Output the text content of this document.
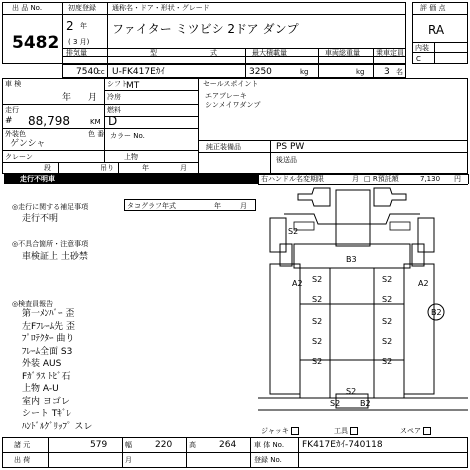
出 品 No.
5482
初度登録
2 年
( 3 月)
通称名・ドア・形状・グレード
ファイター ミツビシ 2ドア ダンプ
排気量	型	式	最大積載量	車両総重量 乗車定員
評 価 点
RA
内装
C
7540
cc U-FK417Eｶｲ	3250	kg	kg 3 名
車 検
年 月
シフト
MT
冷房
走行
# 88,798	KM
燃料
D
外装色	色 番 カラー No.
ゲンシャ
クレーン
段	吊り
上物
年	月
セールスポイント
エアブレーキ
シンメイワダンプ
純正装備品	PS PW
後送品
走行不明車	右ハンドル 名変期限	月 □ R預託額	7,130 円
◎走行に関する補足事項	タコグラフ年式	年	月
走行不明
◎不具合箇所・注意事項
車検証上 土砂禁
◎検査員報告
第一ﾒﾝﾊﾞｰ 歪
左Fﾌﾚｰﾑ先 歪
ﾌﾟﾛﾃｸﾀｰ 曲り
ﾌﾚｰﾑ全面 S3
外装 AUS
Fｶﾞﾗｽ ﾄﾋﾞ石
上物 A-U
室内 ヨゴレ
シート Tｷﾞﾚ
ﾊﾝﾄﾞﾙｸﾞﾘｯﾌﾟ スレ
S2
A2
B3
A2
S2	S2
S2	S2
S2	S2
S2	S2
S2	S2
S2
B2
S2 B2
ジャッキ	工具	スペア
諸 元	579	幅	220 高	264	車 体 No. FK417Eｶｲ-740118
出 荷	月	登録 No.
